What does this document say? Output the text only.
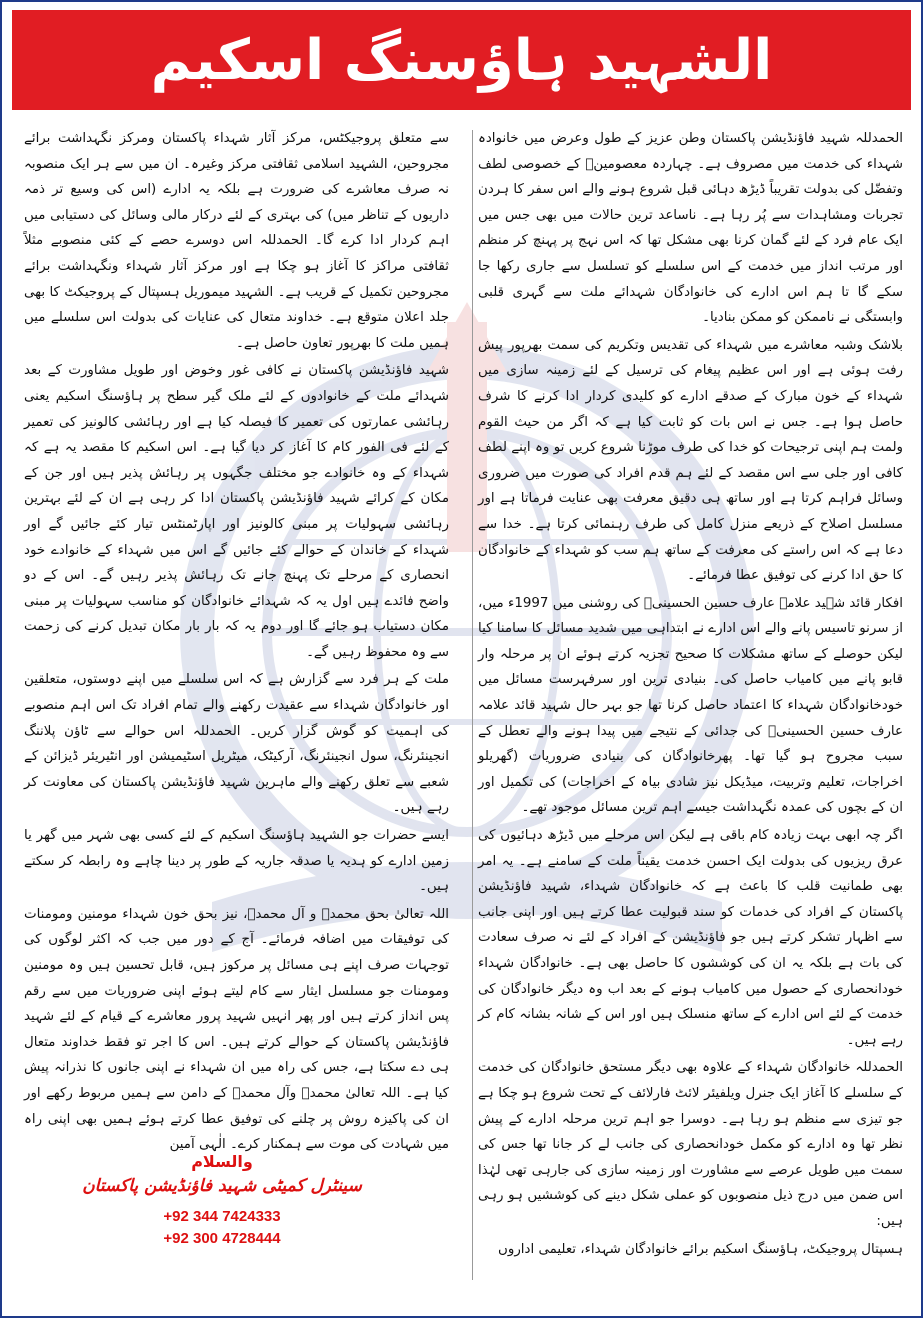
الشہید ہاؤسنگ اسکیم

الحمدللہ شہید فاؤنڈیشن پاکستان وطن عزیز کے طول وعرض میں خانوادہ شہداء کی خدمت میں مصروف ہے۔ چہاردہ معصومینؑ کے خصوصی لطف وتفضّل کی بدولت تقریباً ڈیڑھ دہائی قبل شروع ہونے والے اس سفر کا ہردن تجربات ومشاہدات سے پُر رہا ہے۔ ناساعد ترین حالات میں بھی جس میں ایک عام فرد کے لئے گمان کرنا بھی مشکل تھا کہ اس نہج پر پہنچ کر منظم اور مرتب انداز میں خدمت کے اس سلسلے کو تسلسل سے جاری رکھا جا سکے گا تا ہم اس ادارے کی خانوادگان شہدائے ملت سے گہری قلبی وابستگی نے ناممکن کو ممکن بنادیا۔

بلاشک وشبہ معاشرے میں شہداء کی تقدیس وتکریم کی سمت بھرپور پیش رفت ہوئی ہے اور اس عظیم پیغام کی ترسیل کے لئے زمینہ سازی میں شہداء کے خون مبارک کے صدقے ادارے کو کلیدی کردار ادا کرنے کا شرف حاصل ہوا ہے۔ جس نے اس بات کو ثابت کیا ہے کہ اگر من حیث القوم ولمت ہم اپنی ترجیحات کو خدا کی طرف موڑنا شروع کریں تو وہ اپنے لطف کافی اور جلی سے اس مقصد کے لئے ہم قدم افراد کی صورت میں ضروری وسائل فراہم کرتا ہے اور ساتھ ہی دقیق معرفت بھی عنایت فرماتا ہے اور مسلسل اصلاح کے ذریعے منزل کامل کی طرف رہنمائی کرتا ہے۔ خدا سے دعا ہے کہ اس راستے کی معرفت کے ساتھ ہم سب کو شہداء کے خانوادگان کا حق ادا کرنے کی توفیق عطا فرمائے۔

افکار قائد شہید علامہ عارف حسین الحسینیؒ کی روشنی میں 1997ء میں، از سرنو تاسیس پانے والے اس ادارے نے ابتداہی میں شدید مسائل کا سامنا کیا لیکن حوصلے کے ساتھ مشکلات کا صحیح تجزیہ کرتے ہوئے ان پر مرحلہ وار قابو پانے میں کامیاب حاصل کی۔ بنیادی ترین اور سرفہرست مسائل میں خودخانوادگان شہداء کا اعتماد حاصل کرنا تھا جو بہر حال شہید قائد علامہ عارف حسین الحسینیؒ کی جدائی کے نتیجے میں پیدا ہونے والے تعطل کے سبب مجروح ہو گیا تھا۔ پھرخانوادگان کی بنیادی ضروریات (گھریلو اخراجات، تعلیم وتربیت، میڈیکل نیز شادی بیاہ کے اخراجات) کی تکمیل اور ان کے بچوں کی عمدہ نگہداشت جیسے اہم ترین مسائل موجود تھے۔

اگر چہ ابھی بہت زیادہ کام باقی ہے لیکن اس مرحلے میں ڈیڑھ دہائیوں کی عرق ریزیوں کی بدولت ایک احسن خدمت یقیناً ملت کے سامنے ہے۔ یہ امر بھی طمانیت قلب کا باعث ہے کہ خانوادگان شہداء، شہید فاؤنڈیشن پاکستان کے افراد کی خدمات کو سند قبولیت عطا کرتے ہیں اور اپنی جانب سے اظہار تشکر کرتے ہیں جو فاؤنڈیشن کے افراد کے لئے نہ صرف سعادت کی بات ہے بلکہ یہ ان کی کوششوں کا حاصل بھی ہے۔ خانوادگان شہداء خودانحصاری کے حصول میں کامیاب ہونے کے بعد اب وہ دیگر خانوادگان کی خدمت کے لئے اس ادارے کے ساتھ منسلک ہیں اور اس کے شانہ بشانہ کام کر رہے ہیں۔

الحمدللہ خانوادگان شہداء کے علاوہ بھی دیگر مستحق خانوادگان کی خدمت کے سلسلے کا آغاز ایک جنرل ویلفیئر لائٹ فارلائف کے تحت شروع ہو چکا ہے جو تیزی سے منظم ہو رہا ہے۔ دوسرا جو اہم ترین مرحلہ ادارے کے پیش نظر تھا وہ ادارے کو مکمل خودانحصاری کی جانب لے کر جانا تھا جس کی سمت میں طویل عرصے سے مشاورت اور زمینہ سازی کی جارہی تھی لہٰذا اس ضمن میں درج ذیل منصوبوں کو عملی شکل دینے کی کوششیں ہو رہی ہیں:

ہسپتال پروجیکٹ، ہاؤسنگ اسکیم برائے خانوادگان شہداء، تعلیمی اداروں

سے متعلق پروجیکٹس، مرکز آثار شہداء پاکستان ومرکز نگہداشت برائے مجروحین، الشہید اسلامی ثقافتی مرکز وغیرہ۔ ان میں سے ہر ایک منصوبہ نہ صرف معاشرے کی ضرورت ہے بلکہ یہ ادارے (اس کی وسیع تر ذمہ داریوں کے تناظر میں) کی بہتری کے لئے درکار مالی وسائل کی دستیابی میں اہم کردار ادا کرے گا۔ الحمدللہ اس دوسرے حصے کے کئی منصوبے مثلاً ثقافتی مراکز کا آغاز ہو چکا ہے اور مرکز آثار شہداء ونگہداشت برائے مجروحین تکمیل کے قریب ہے۔ الشہید میموریل ہسپتال کے پروجیکٹ کا بھی جلد اعلان متوقع ہے۔ خداوند متعال کی عنایات کی بدولت اس سلسلے میں ہمیں ملت کا بھرپور تعاون حاصل ہے۔

شہید فاؤنڈیشن پاکستان نے کافی غور وخوض اور طویل مشاورت کے بعد شہدائے ملت کے خانوادوں کے لئے ملک گیر سطح پر ہاؤسنگ اسکیم یعنی رہائشی عمارتوں کی تعمیر کا فیصلہ کیا ہے اور رہائشی کالونیز کی تعمیر کے لئے فی الفور کام کا آغاز کر دیا گیا ہے۔ اس اسکیم کا مقصد یہ ہے کہ شہداء کے وہ خانوادے جو مختلف جگہوں پر رہائش پذیر ہیں اور جن کے مکان کے کرائے شہید فاؤنڈیشن پاکستان ادا کر رہی ہے ان کے لئے بہترین رہائشی سہولیات پر مبنی کالونیز اور اپارٹمنٹس تیار کئے جائیں گے اور شہداء کے خاندان کے حوالے کئے جائیں گے اس میں شہداء کے خانوادے خود انحصاری کے مرحلے تک پہنچ جانے تک رہائش پذیر رہیں گے۔ اس کے دو واضح فائدے ہیں اول یہ کہ شہدائے خانوادگان کو مناسب سہولیات پر مبنی مکان دستیاب ہو جائے گا اور دوم یہ کہ بار بار مکان تبدیل کرنے کی زحمت سے وہ محفوظ رہیں گے۔

ملت کے ہر فرد سے گزارش ہے کہ اس سلسلے میں اپنے دوستوں، متعلقین اور خانوادگان شہداء سے عقیدت رکھنے والے تمام افراد تک اس اہم منصوبے کی اہمیت کو گوش گزار کریں۔ الحمدللہ اس حوالے سے ٹاؤن پلاننگ انجینئرنگ، سول انجینئرنگ، آرکیٹک، میٹریل اسٹیمیشن اور انٹیریئر ڈیزائن کے شعبے سے تعلق رکھنے والے ماہرین شہید فاؤنڈیشن پاکستان کی معاونت کر رہے ہیں۔

ایسے حضرات جو الشہید ہاؤسنگ اسکیم کے لئے کسی بھی شہر میں گھر یا زمین ادارے کو ہدیہ یا صدقہ جاریہ کے طور پر دینا چاہے وہ رابطہ کر سکتے ہیں۔

اللہ تعالیٰ بحق محمدؐ و آل محمدؐ، نیز بحق خون شہداء مومنین ومومنات کی توفیقات میں اضافہ فرمائے۔ آج کے دور میں جب کہ اکثر لوگوں کی توجہات صرف اپنے ہی مسائل پر مرکوز ہیں، قابل تحسین ہیں وہ مومنین ومومنات جو مسلسل ایثار سے کام لیتے ہوئے اپنی ضروریات میں سے رقم پس انداز کرتے ہیں اور پھر انہیں شہید پرور معاشرے کے قیام کے لئے شہید فاؤنڈیشن پاکستان کے حوالے کرتے ہیں۔ اس کا اجر تو فقط خداوند متعال ہی دے سکتا ہے، جس کی راہ میں ان شہداء نے اپنی جانوں کا نذرانہ پیش کیا ہے۔ اللہ تعالیٰ محمدؐ وآل محمدؐ کے دامن سے ہمیں مربوط رکھے اور ان کی پاکیزہ روش پر چلنے کی توفیق عطا کرتے ہوئے ہمیں بھی اپنی راہ میں شہادت کی موت سے ہمکنار کرے۔ الٰہی آمین

والسلام
سینٹرل کمیٹی شہید فاؤنڈیشن پاکستان
+92 344 7424333
+92 300 4728444
